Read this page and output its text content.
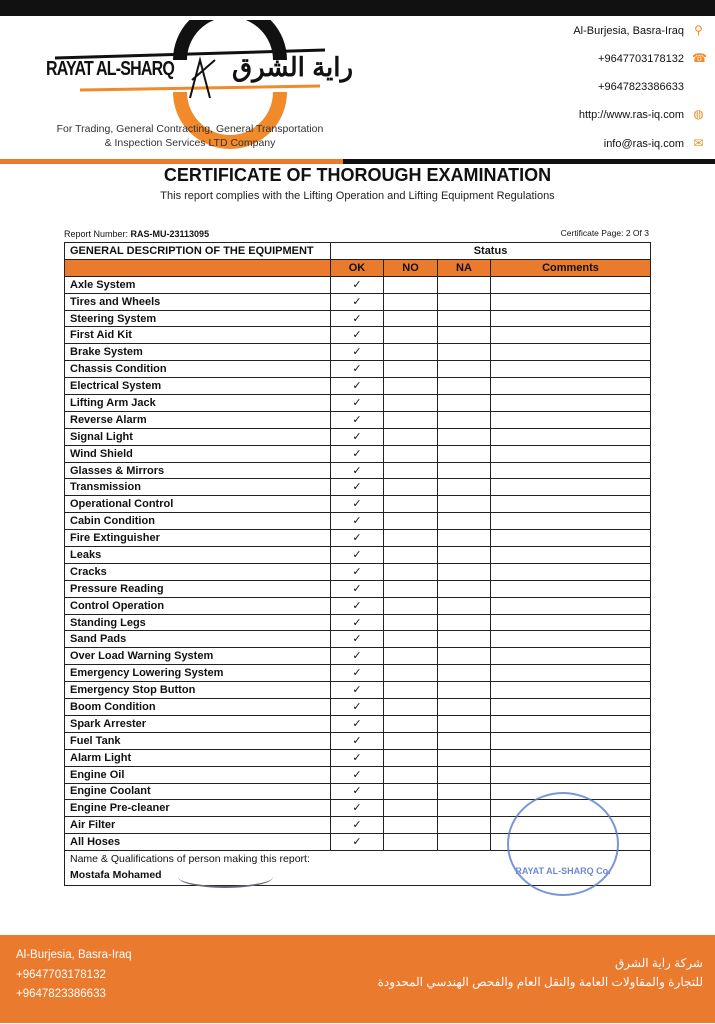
RAYAT AL-SHARQ راية الشرق
For Trading, General Contracting, General Transportation
& Inspection Services LTD Company
Al-Burjesia, Basra-Iraq ⚲
+9647703178132 ☎
+9647823386633
http://www.ras-iq.com ◍
info@ras-iq.com ✉
CERTIFICATE OF THOROUGH EXAMINATION
This report complies with the Lifting Operation and Lifting Equipment Regulations
Report Number: RAS-MU-23113095	Certificate Page: 2 Of 3
GENERAL DESCRIPTION OF THE EQUIPMENT	Status			
	OK	NO	NA	Comments
Axle System	✓			
Tires and Wheels	✓			
Steering System	✓			
First Aid Kit	✓			
Brake System	✓			
Chassis Condition	✓			
Electrical System	✓			
Lifting Arm Jack	✓			
Reverse Alarm	✓			
Signal Light	✓			
Wind Shield	✓			
Glasses & Mirrors	✓			
Transmission	✓			
Operational Control	✓			
Cabin Condition	✓			
Fire Extinguisher	✓			
Leaks	✓			
Cracks	✓			
Pressure Reading	✓			
Control Operation	✓			
Standing Legs	✓			
Sand Pads	✓			
Over Load Warning System	✓			
Emergency Lowering System	✓			
Emergency Stop Button	✓			
Boom Condition	✓			
Spark Arrester	✓			
Fuel Tank	✓			
Alarm Light	✓			
Engine Oil	✓			
Engine Coolant	✓			
Engine Pre-cleaner	✓			
Air Filter	✓			
All Hoses	✓			

Name & Qualifications of person making this report:
Mostafa Mohamed					RAYAT AL-SHARQ Co.
Al-Burjesia, Basra-Iraq
+9647703178132
+9647823386633
شركة راية الشرق
للتجارة والمقاولات العامة والنقل العام والفحص الهندسي المحدودة
